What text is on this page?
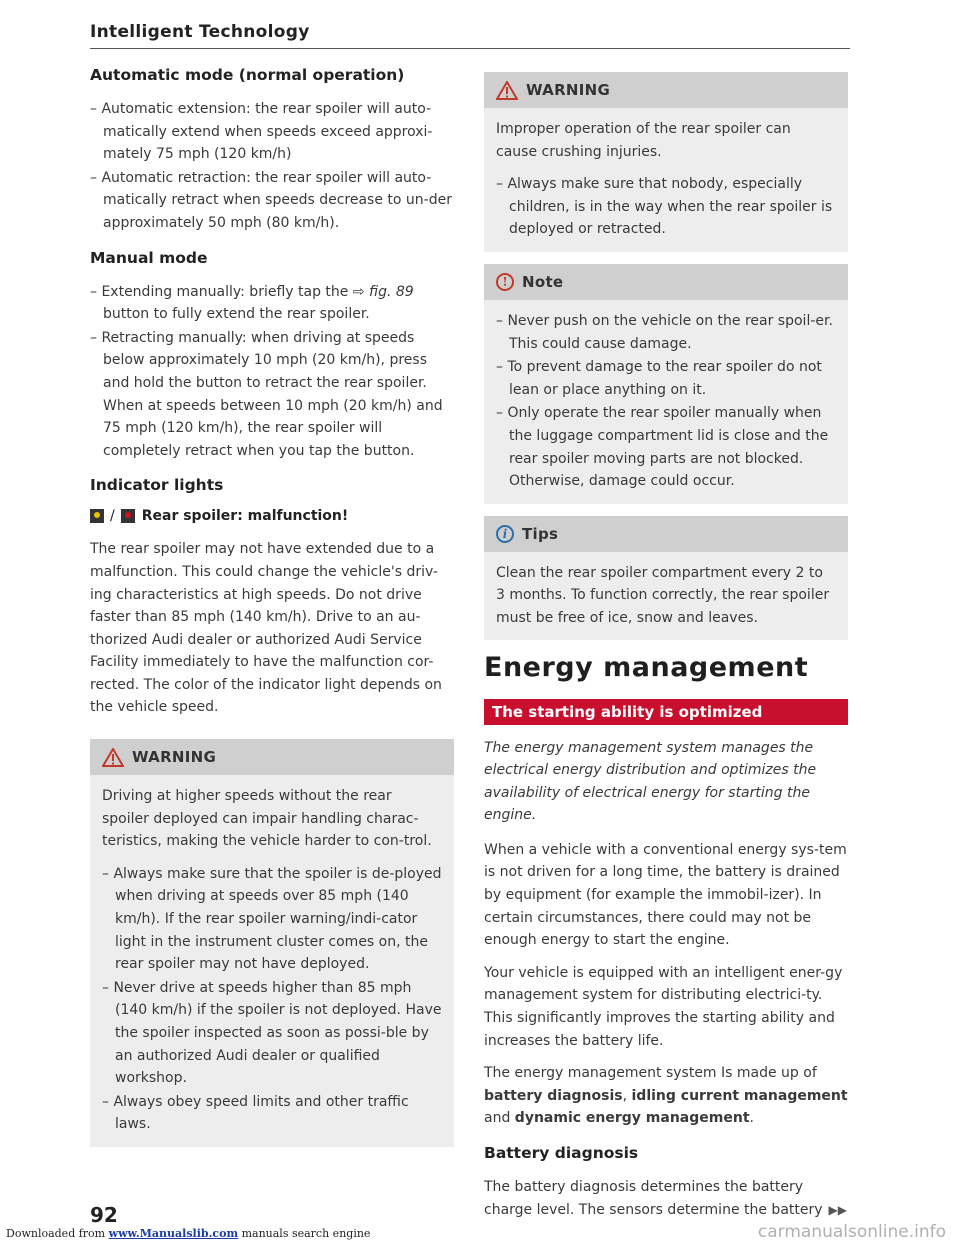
Intelligent Technology
Automatic mode (normal operation)
– Automatic extension: the rear spoiler will auto-matically extend when speeds exceed approxi-mately 75 mph (120 km/h)
– Automatic retraction: the rear spoiler will auto-matically retract when speeds decrease to un-der approximately 50 mph (80 km/h).
Manual mode
– Extending manually: briefly tap the ⇨ fig. 89 button to fully extend the rear spoiler.
– Retracting manually: when driving at speeds below approximately 10 mph (20 km/h), press and hold the button to retract the rear spoiler. When at speeds between 10 mph (20 km/h) and 75 mph (120 km/h), the rear spoiler will completely retract when you tap the button.
Indicator lights
/ Rear spoiler: malfunction!

The rear spoiler may not have extended due to a malfunction. This could change the vehicle's driv-ing characteristics at high speeds. Do not drive faster than 85 mph (140 km/h). Drive to an au-thorized Audi dealer or authorized Audi Service Facility immediately to have the malfunction cor-rected. The color of the indicator light depends on the vehicle speed.

WARNING

Driving at higher speeds without the rear spoiler deployed can impair handling charac-teristics, making the vehicle harder to con-trol.

– Always make sure that the spoiler is de-ployed when driving at speeds over 85 mph (140 km/h). If the rear spoiler warning/indi-cator light in the instrument cluster comes on, the rear spoiler may not have deployed.
– Never drive at speeds higher than 85 mph (140 km/h) if the spoiler is not deployed. Have the spoiler inspected as soon as possi-ble by an authorized Audi dealer or qualified workshop.
– Always obey speed limits and other traffic laws.
WARNING

Improper operation of the rear spoiler can cause crushing injuries.

– Always make sure that nobody, especially children, is in the way when the rear spoiler is deployed or retracted.
! Note
– Never push on the vehicle on the rear spoil-er. This could cause damage.
– To prevent damage to the rear spoiler do not lean or place anything on it.
– Only operate the rear spoiler manually when the luggage compartment lid is close and the rear spoiler moving parts are not blocked. Otherwise, damage could occur.
i Tips

Clean the rear spoiler compartment every 2 to 3 months. To function correctly, the rear spoiler must be free of ice, snow and leaves.

Energy management
The starting ability is optimized

The energy management system manages the electrical energy distribution and optimizes the availability of electrical energy for starting the engine.

When a vehicle with a conventional energy sys-tem is not driven for a long time, the battery is drained by equipment (for example the immobil-izer). In certain circumstances, there could may not be enough energy to start the engine.

Your vehicle is equipped with an intelligent ener-gy management system for distributing electrici-ty. This significantly improves the starting ability and increases the battery life.

The energy management system Is made up of battery diagnosis, idling current management and dynamic energy management.

Battery diagnosis

The battery diagnosis determines the battery charge level. The sensors determine the battery ▶▶

92
Downloaded from www.Manualslib.com manuals search engine	carmanualsonline.info
